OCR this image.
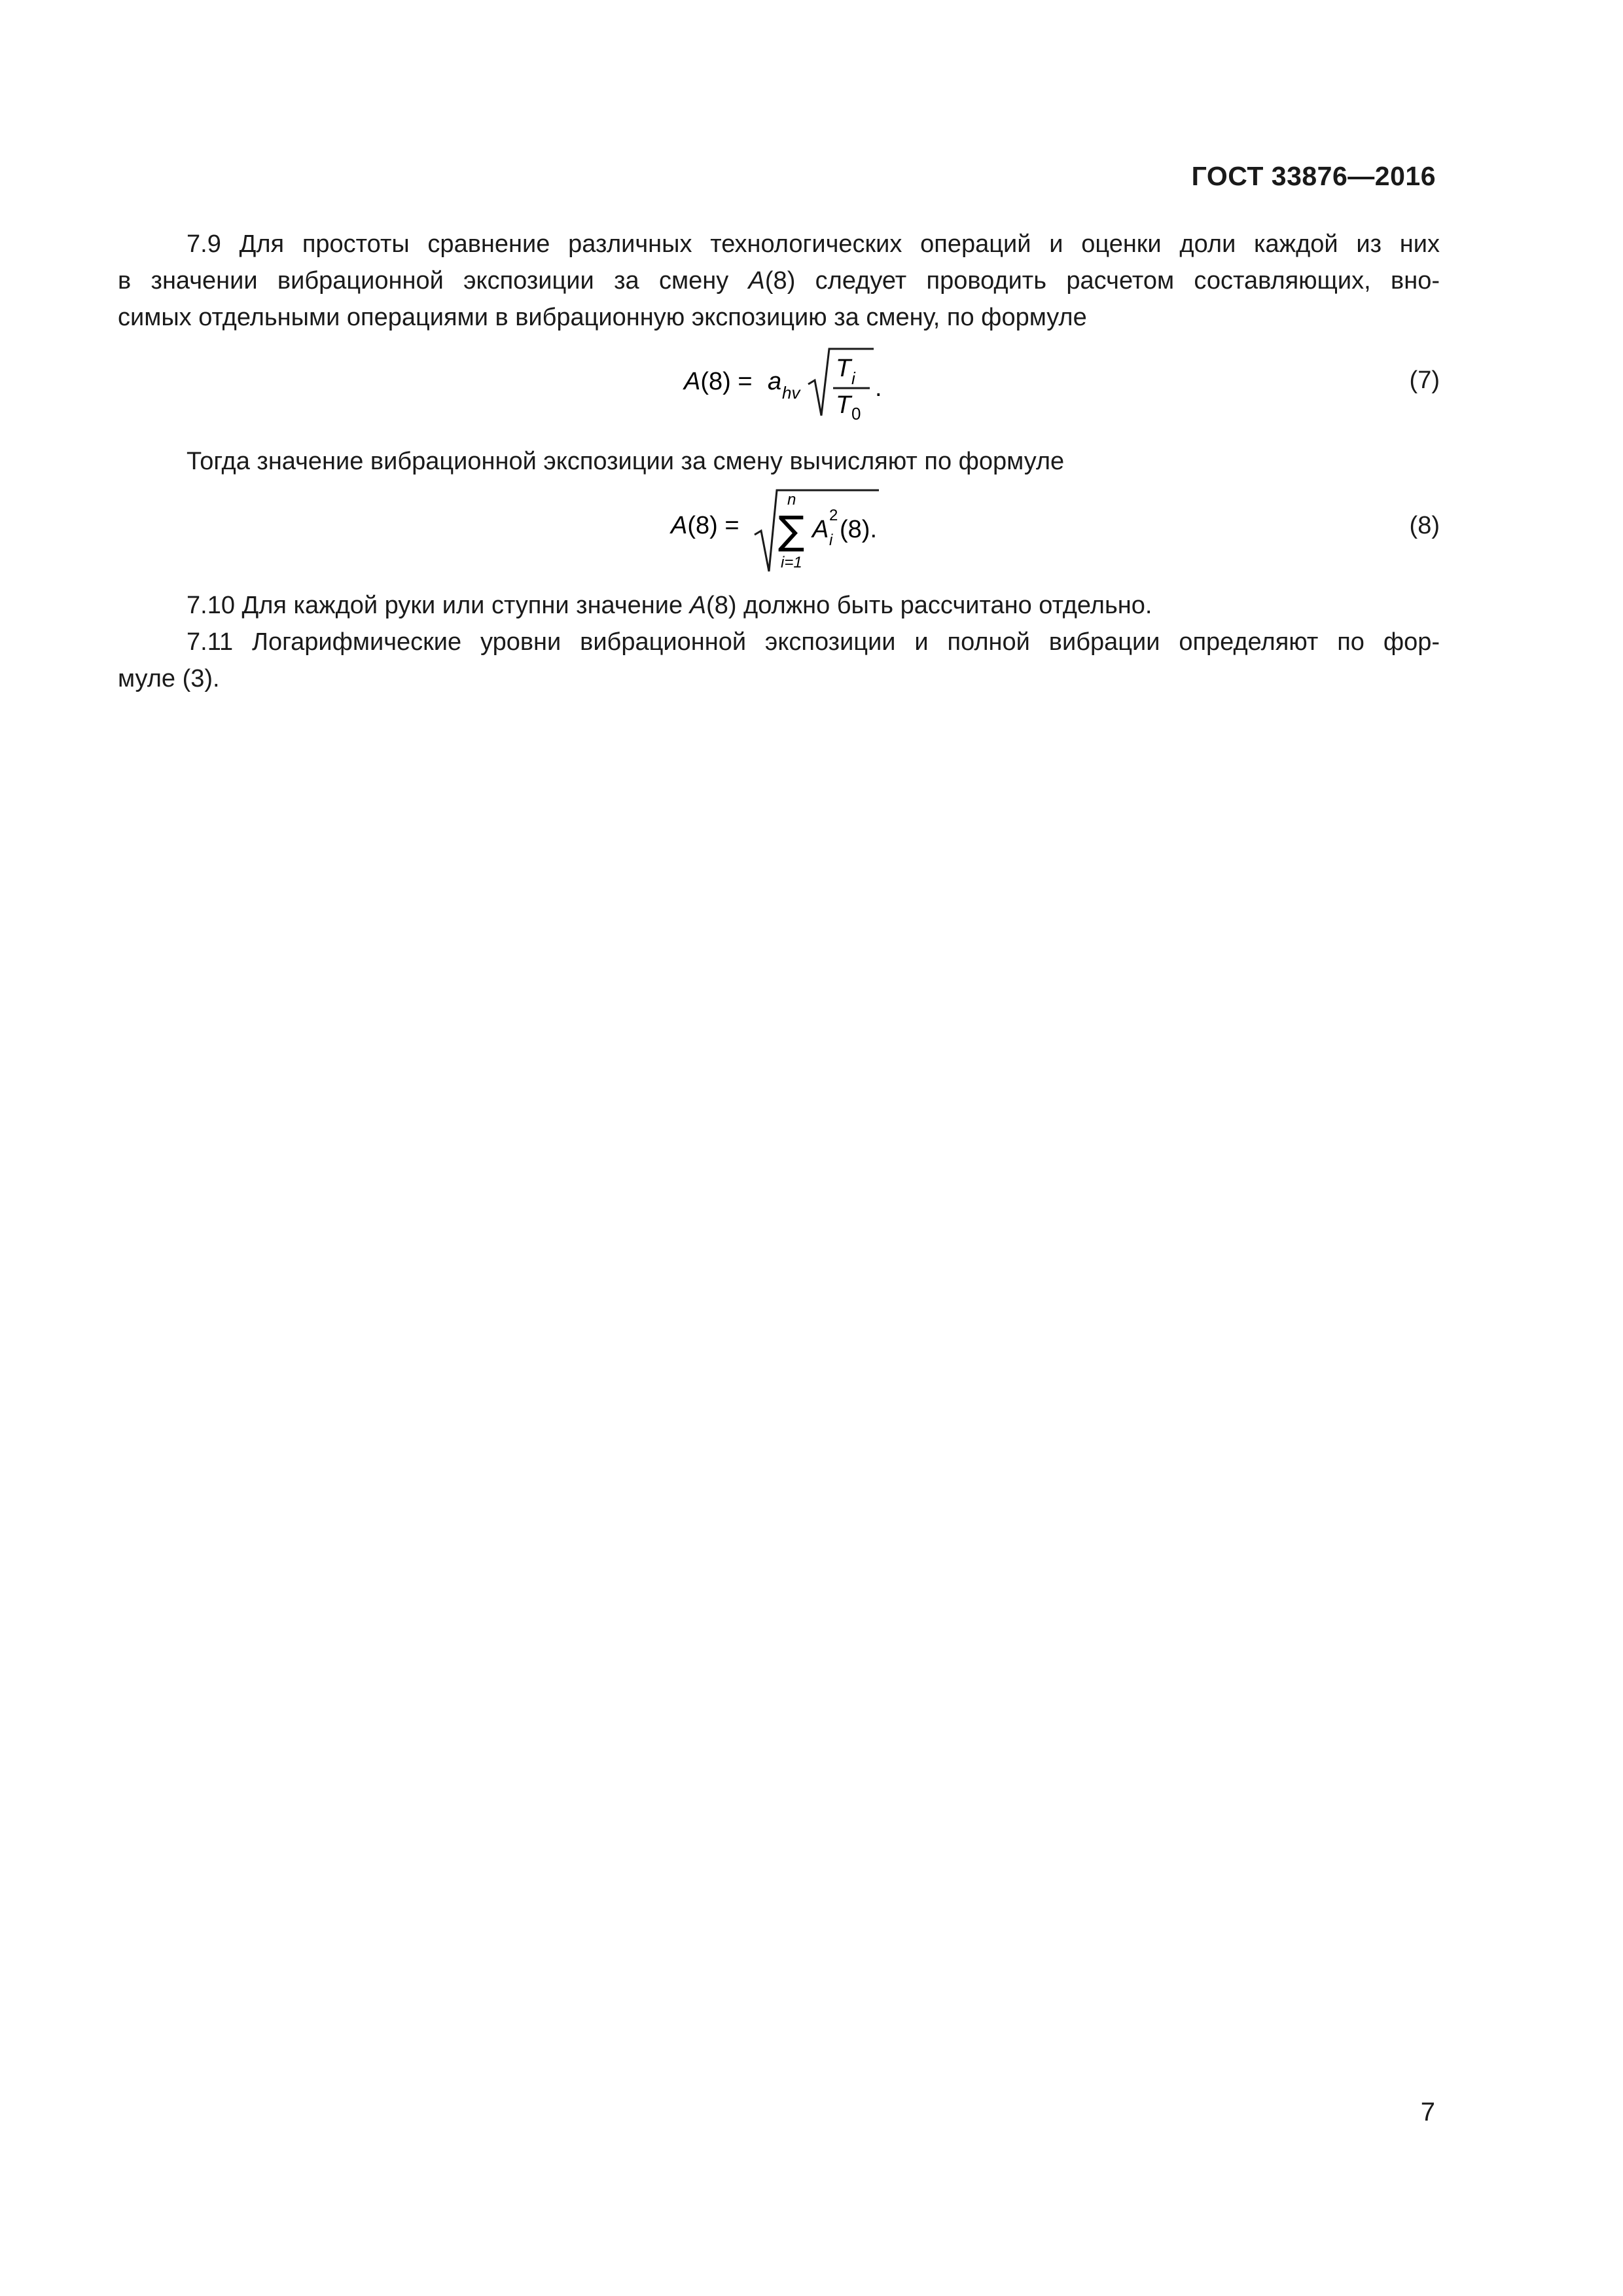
ГОСТ 33876—2016
7.9 Для простоты сравнение различных технологических операций и оценки доли каждой из них
в значении вибрационной экспозиции за смену A(8) следует проводить расчетом составляющих, вно-
симых отдельными операциями в вибрационную экспозицию за смену, по формуле
A(8) = a hv
T i
T 0
.	(7)
Тогда значение вибрационной экспозиции за смену вычисляют по формуле
A(8) =
n
∑
i=1
A
2
i (8).	(8)
7.10 Для каждой руки или ступни значение A(8) должно быть рассчитано отдельно.
7.11 Логарифмические уровни вибрационной экспозиции и полной вибрации определяют по фор-
муле (3).
7
